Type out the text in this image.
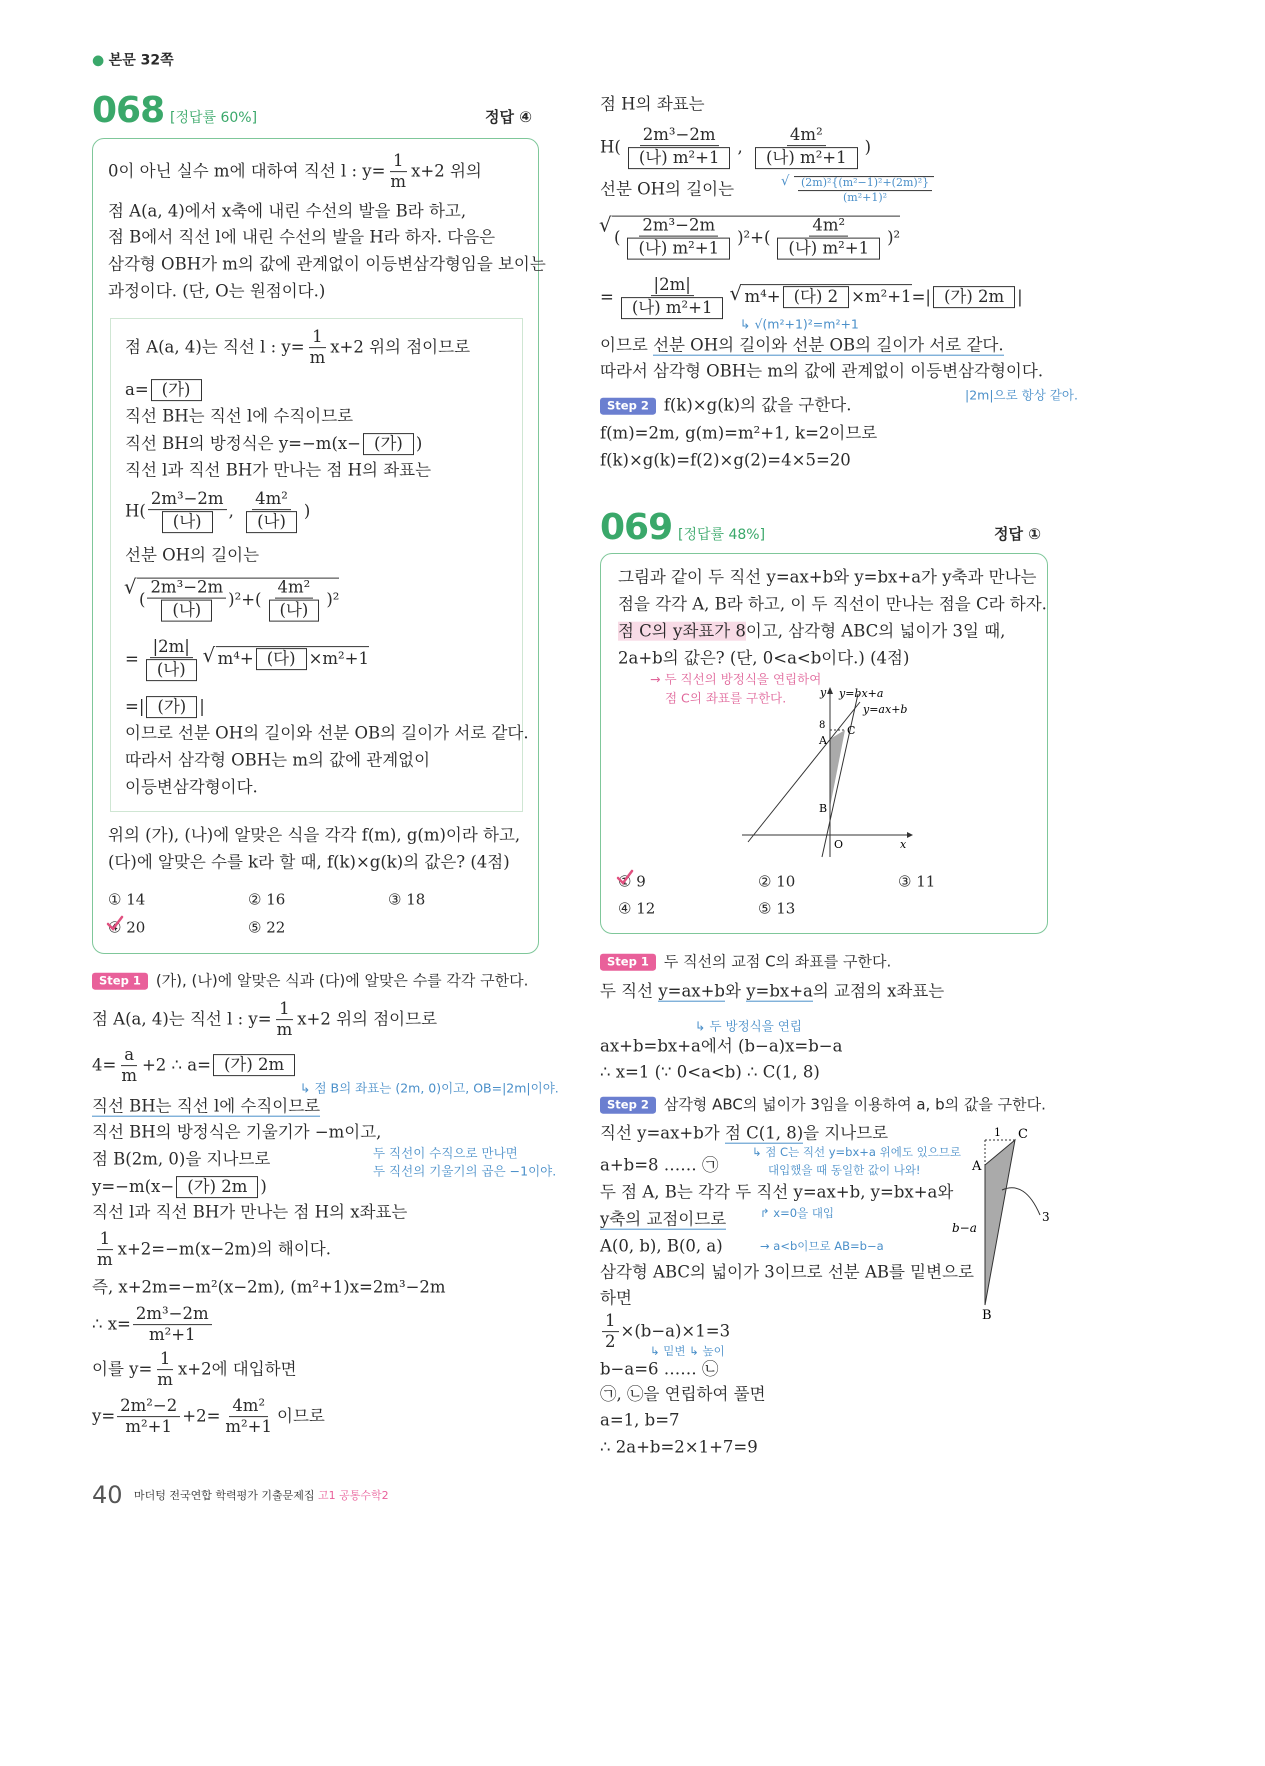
● 본문 32쪽
068 [정답률 60%]	정답 ④
0이 아닌 실수 m에 대하여 직선 l : $y= \frac{1}{m} x+2$ 위의
점 A(a, 4)에서 x축에 내린 수선의 발을 B라 하고,
점 B에서 직선 l에 내린 수선의 발을 H라 하자. 다음은
삼각형 OBH가 m의 값에 관계없이 이등변삼각형임을 보이는
과정이다. (단, O는 원점이다.)
점 A(a, 4)는 직선 l : $y= \frac{1}{m} x+2$ 위의 점이므로
a= (가)
직선 BH는 직선 l에 수직이므로
직선 BH의 방정식은 y=−m(x− (가) )
직선 l과 직선 BH가 만나는 점 H의 좌표는
H(
2m³−2m
(나)
,
4m²
(나)
)
선분 OH의 길이는
√ (
2m³−2m
(나)
)²+(
4m²
(나)
)²
=
|2m|
(나)
√ m⁴+ (다) ×m²+1
=| (가) |
이므로 선분 OH의 길이와 선분 OB의 길이가 서로 같다.
따라서 삼각형 OBH는 m의 값에 관계없이
이등변삼각형이다.
위의 (가), (나)에 알맞은 식을 각각 f(m), g(m)이라 하고,
(다)에 알맞은 수를 k라 할 때, f(k)×g(k)의 값은? (4점)
① 14	② 16	③ 18
④ 20	⑤ 22
Step 1 (가), (나)에 알맞은 식과 (다)에 알맞은 수를 각각 구한다.
점 A(a, 4)는 직선 l : $y= \frac{1}{m} x+2$ 위의 점이므로
$4= \frac{a}{m} +2$ ∴ a= (가) 2m
↳ 점 B의 좌표는 (2m, 0)이고, OB=|2m|이야.
직선 BH는 직선 l에 수직이므로
직선 BH의 방정식은 기울기가 −m이고,
두 직선이 수직으로 만나면
두 직선의 기울기의 곱은 −1이야.
점 B(2m, 0)을 지나므로
y=−m(x− (가) 2m )
직선 l과 직선 BH가 만나는 점 H의 x좌표는
$\frac{1}{m} x+2=-m(x-2m)$의 해이다.
즉, x+2m=−m²(x−2m), (m²+1)x=2m³−2m
∴ $x= \frac{\text{2m³−2m}}{\text{m²+1}}$
이를 $y= \frac{1}{m} x+2$에 대입하면
$y= \frac{\text{2m²−2}}{\text{m²+1}} +2= \frac{\text{4m²}}{\text{m²+1}}$ 이므로
점 H의 좌표는
H(
2m³−2m
(나) m²+1
,
4m²
(나) m²+1
)
선분 OH의 길이는	√ $\frac{\text{(2m)²\{(m²−1)²+(2m)²\}}}{\text{(m²+1)²}}$
√ (
2m³−2m
(나) m²+1
)²+(
4m²
(나) m²+1
)²
=
|2m|
(나) m²+1
√ m⁴+ (다) 2 ×m²+1=| (가) 2m |
↳ √(m²+1)²=m²+1
이므로 선분 OH의 길이와 선분 OB의 길이가 서로 같다.
따라서 삼각형 OBH는 m의 값에 관계없이 이등변삼각형이다.
|2m|으로 항상 같아.
Step 2 f(k)×g(k)의 값을 구한다.
f(m)=2m, g(m)=m²+1, k=2이므로
f(k)×g(k)=f(2)×g(2)=4×5=20
069 [정답률 48%]	정답 ①
그림과 같이 두 직선 y=ax+b와 y=bx+a가 y축과 만나는
점을 각각 A, B라 하고, 이 두 직선이 만나는 점을 C라 하자.
점 C의 y좌표가 8이고, 삼각형 ABC의 넓이가 3일 때,
2a+b의 값은? (단, 0<a<b이다.) (4점)
→ 두 직선의 방정식을 연립하여
점 C의 좌표를 구한다.	y=bx+a
y=ax+b
8
A
C
B
O	x
y
① 9	② 10	③ 11
④ 12	⑤ 13
Step 1 두 직선의 교점 C의 좌표를 구한다.
두 직선 y=ax+b와 y=bx+a의 교점의 x좌표는
↳ 두 방정식을 연립
ax+b=bx+a에서 (b−a)x=b−a
∴ x=1 (∵ 0<a<b) ∴ C(1, 8)
Step 2 삼각형 ABC의 넓이가 3임을 이용하여 a, b의 값을 구한다.
직선 y=ax+b가 점 C(1, 8)을 지나므로
↳ 점 C는 직선 y=bx+a 위에도 있으므로
대입했을 때 동일한 값이 나와!
a+b=8 …… ㉠
두 점 A, B는 각각 두 직선 y=ax+b, y=bx+a와
y축의 교점이므로	↱ x=0을 대입
A(0, b), B(0, a)	→ a<b이므로 AB=b−a
삼각형 ABC의 넓이가 3이므로 선분 AB를 밑변으로
하면
$\frac{1}{2} \times(b-a)\times 1=3$
↳ 밑변 ↳ 높이
b−a=6 …… ㉡
㉠, ㉡을 연립하여 풀면
a=1, b=7
∴ 2a+b=2×1+7=9
1 C
A
b−a
3
B
40 마더텅 전국연합 학력평가 기출문제집 고1 공통수학2
